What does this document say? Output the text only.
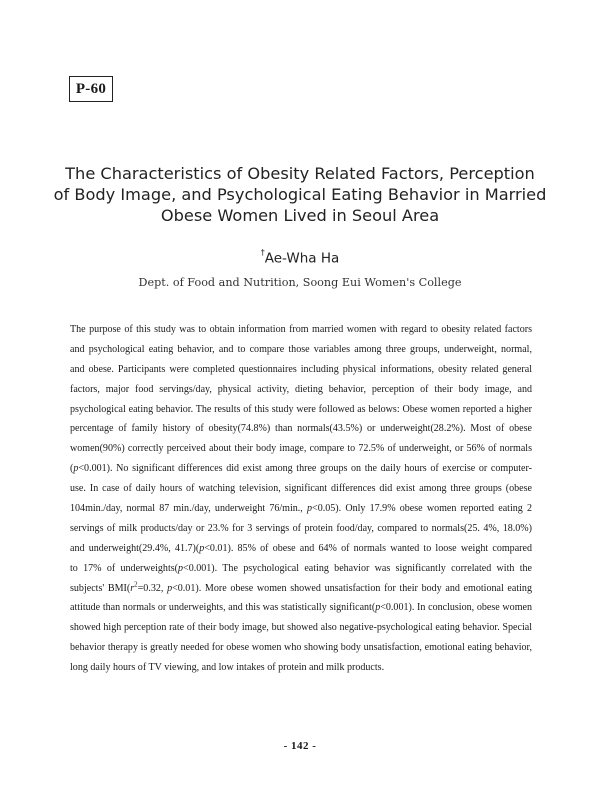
P-60
The Characteristics of Obesity Related Factors, Perception
of Body Image, and Psychological Eating Behavior in Married
Obese Women Lived in Seoul Area
†Ae-Wha Ha
Dept. of Food and Nutrition, Soong Eui Women's College
The purpose of this study was to obtain information from married women with regard to obesity related factors
and psychological eating behavior, and to compare those variables among three groups, underweight, normal,
and obese. Participants were completed questionnaires including physical informations, obesity related general
factors, major food servings/day, physical activity, dieting behavior, perception of their body image, and
psychological eating behavior. The results of this study were followed as belows: Obese women reported a higher
percentage of family history of obesity(74.8%) than normals(43.5%) or underweight(28.2%). Most of obese
women(90%) correctly perceived about their body image, compare to 72.5% of underweight, or 56% of normals
(p<0.001). No significant differences did exist among three groups on the daily hours of exercise or computer-
use. In case of daily hours of watching television, significant differences did exist among three groups (obese
104min./day, normal 87 min./day, underweight 76/min., p<0.05). Only 17.9% obese women reported eating 2
servings of milk products/day or 23.% for 3 servings of protein food/day, compared to normals(25. 4%, 18.0%)
and underweight(29.4%, 41.7)(p<0.01). 85% of obese and 64% of normals wanted to loose weight compared
to 17% of underweights(p<0.001). The psychological eating behavior was significantly correlated with the
subjects' $BMI(r^2=0.32$, p<0.01). More obese women showed unsatisfaction for their body and emotional eating
attitude than normals or underweights, and this was statistically significant(p<0.001). In conclusion, obese women
showed high perception rate of their body image, but showed also negative-psychological eating behavior. Special
behavior therapy is greatly needed for obese women who showing body unsatisfaction, emotional eating behavior,
long daily hours of TV viewing, and low intakes of protein and milk products.
- 142 -
